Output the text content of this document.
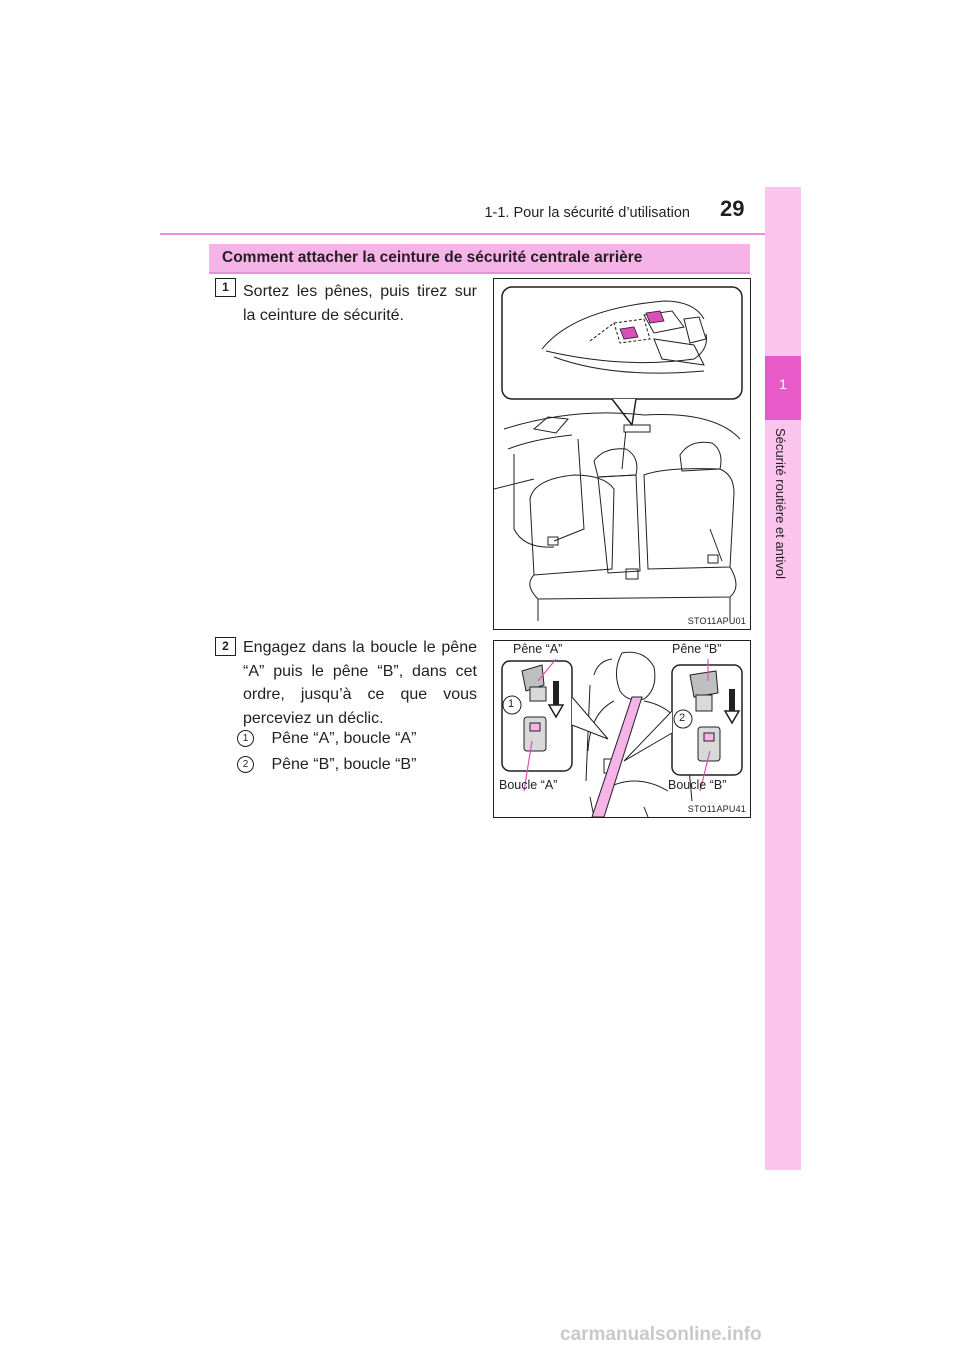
1-1. Pour la sécurité d’utilisation 29
1
Sécurité routière et antivol
Comment attacher la ceinture de sécurité centrale arrière
1 Sortez les pênes, puis tirez sur la ceinture de sécurité.
2 Engagez dans la boucle le pêne “A” puis le pêne “B”, dans cet ordre, jusqu’à ce que vous perceviez un déclic.
1 Pêne “A”, boucle “A”
2 Pêne “B”, boucle “B”
STO11APU01
Pêne “A”	Pêne “B”
Boucle “A”	Boucle “B”
1
2
STO11APU41
carmanualsonline.info
